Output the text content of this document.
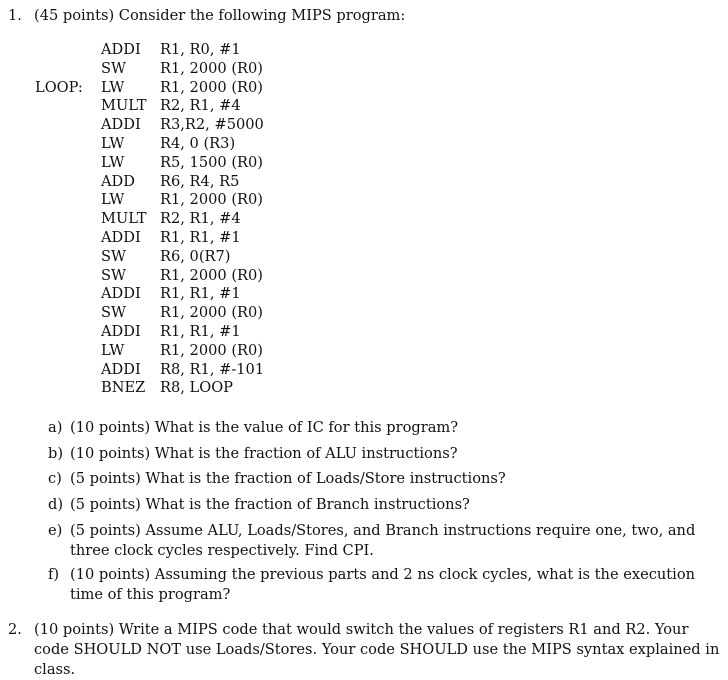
1. (45 points) Consider the following MIPS program:
ADDI R1, R0, #1
SW R1, 2000 (R0)
LOOP: LW R1, 2000 (R0)
MULT R2, R1, #4
ADDI R3,R2, #5000
LW R4, 0 (R3)
LW R5, 1500 (R0)
ADD R6, R4, R5
LW R1, 2000 (R0)
MULT R2, R1, #4
ADDI R1, R1, #1
SW R6, 0(R7)
SW R1, 2000 (R0)
ADDI R1, R1, #1
SW R1, 2000 (R0)
ADDI R1, R1, #1
LW R1, 2000 (R0)
ADDI R8, R1, #-101
BNEZ R8, LOOP
a) (10 points) What is the value of IC for this program?
b) (10 points) What is the fraction of ALU instructions?
c) (5 points) What is the fraction of Loads/Store instructions?
d) (5 points) What is the fraction of Branch instructions?
e) (5 points) Assume ALU, Loads/Stores, and Branch instructions require one, two, and three clock cycles respectively. Find CPI.
f) (10 points) Assuming the previous parts and 2 ns clock cycles, what is the execution time of this program?
2. (10 points) Write a MIPS code that would switch the values of registers R1 and R2. Your code SHOULD NOT use Loads/Stores. Your code SHOULD use the MIPS syntax explained in class.
